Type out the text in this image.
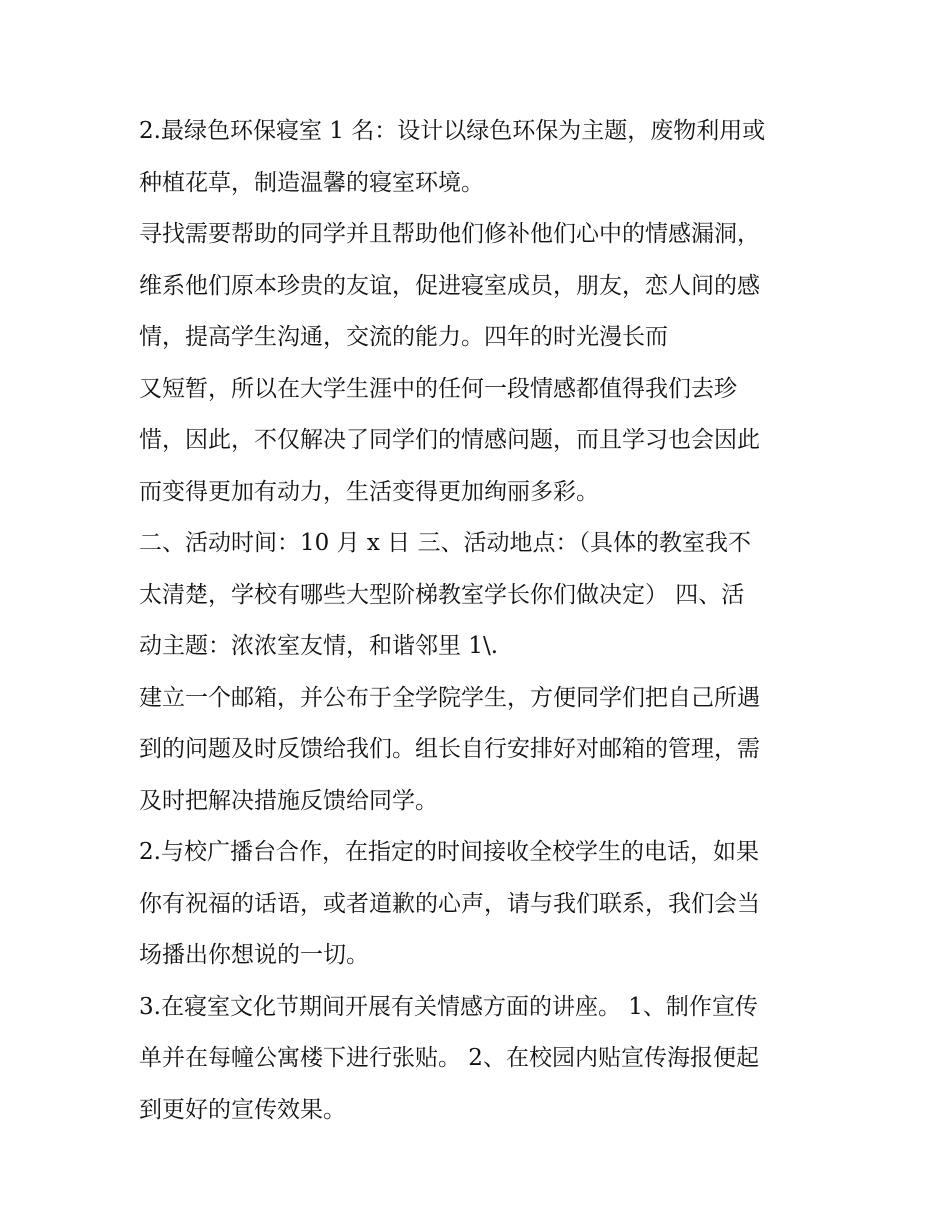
2.最绿色环保寝室 1 名：设计以绿色环保为主题，废物利用或
种植花草，制造温馨的寝室环境。
寻找需要帮助的同学并且帮助他们修补他们心中的情感漏洞，
维系他们原本珍贵的友谊，促进寝室成员，朋友，恋人间的感
情，提高学生沟通，交流的能力。四年的时光漫长而
又短暂，所以在大学生涯中的任何一段情感都值得我们去珍
惜，因此，不仅解决了同学们的情感问题，而且学习也会因此
而变得更加有动力，生活变得更加绚丽多彩。
二、活动时间：10 月 x 日 三、活动地点：（具体的教室我不
太清楚，学校有哪些大型阶梯教室学长你们做决定） 四、活
动主题：浓浓室友情，和谐邻里 1\.
建立一个邮箱，并公布于全学院学生，方便同学们把自己所遇
到的问题及时反馈给我们。组长自行安排好对邮箱的管理，需
及时把解决措施反馈给同学。
2.与校广播台合作，在指定的时间接收全校学生的电话，如果
你有祝福的话语，或者道歉的心声，请与我们联系，我们会当
场播出你想说的一切。
3.在寝室文化节期间开展有关情感方面的讲座。 1、制作宣传
单并在每幢公寓楼下进行张贴。 2、在校园内贴宣传海报便起
到更好的宣传效果。
